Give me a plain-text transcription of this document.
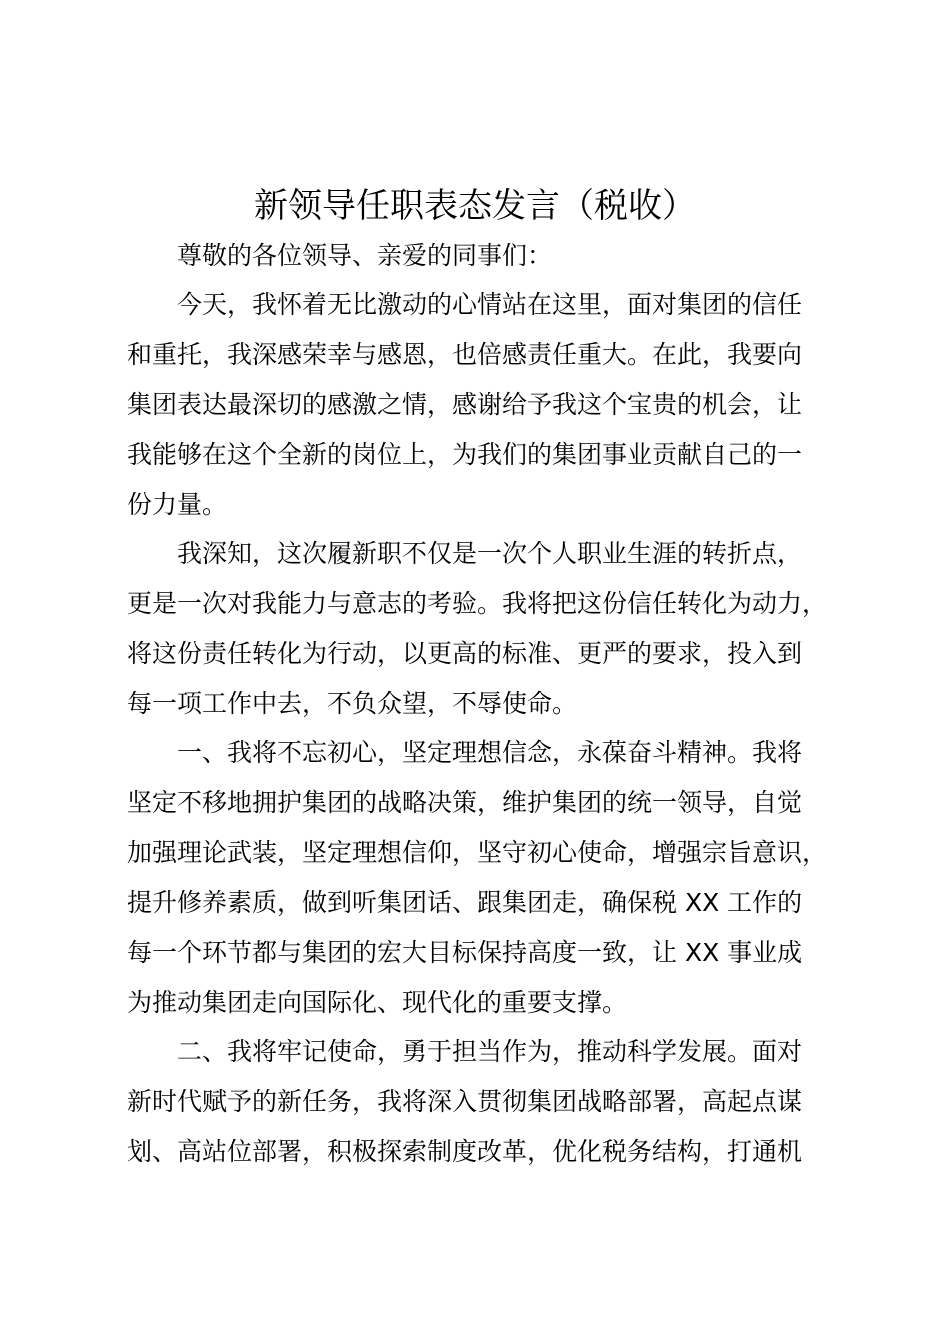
新领导任职表态发言（税收）
尊敬的各位领导、亲爱的同事们：
今天，我怀着无比激动的心情站在这里，面对集团的信任
和重托，我深感荣幸与感恩，也倍感责任重大。在此，我要向
集团表达最深切的感激之情，感谢给予我这个宝贵的机会，让
我能够在这个全新的岗位上，为我们的集团事业贡献自己的一
份力量。
我深知，这次履新职不仅是一次个人职业生涯的转折点，
更是一次对我能力与意志的考验。我将把这份信任转化为动力，
将这份责任转化为行动，以更高的标准、更严的要求，投入到
每一项工作中去，不负众望，不辱使命。
一、我将不忘初心，坚定理想信念，永葆奋斗精神。我将
坚定不移地拥护集团的战略决策，维护集团的统一领导，自觉
加强理论武装，坚定理想信仰，坚守初心使命，增强宗旨意识，
提升修养素质，做到听集团话、跟集团走，确保税 XX 工作的
每一个环节都与集团的宏大目标保持高度一致，让 XX 事业成
为推动集团走向国际化、现代化的重要支撑。
二、我将牢记使命，勇于担当作为，推动科学发展。面对
新时代赋予的新任务，我将深入贯彻集团战略部署，高起点谋
划、高站位部署，积极探索制度改革，优化税务结构，打通机
